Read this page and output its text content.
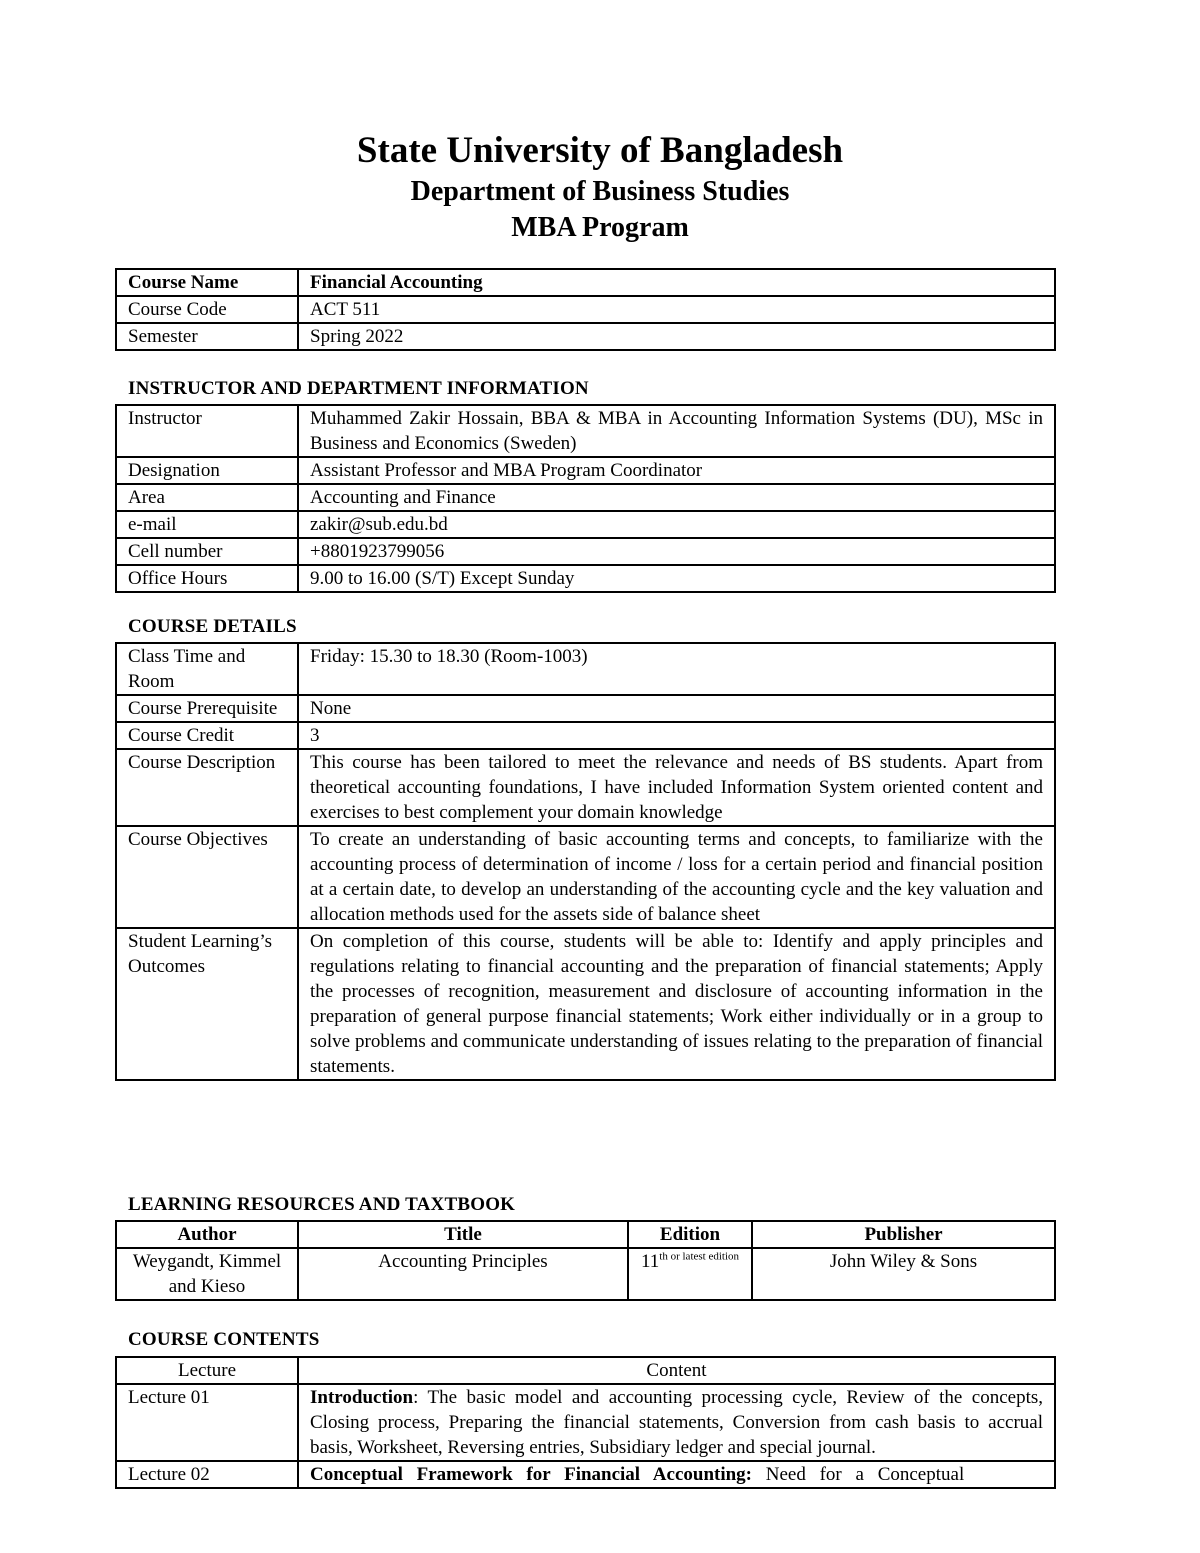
State University of Bangladesh
Department of Business Studies
MBA Program
Course Name	Financial Accounting
Course Code	ACT 511
Semester	Spring 2022
INSTRUCTOR AND DEPARTMENT INFORMATION
Instructor	Muhammed Zakir Hossain, BBA & MBA in Accounting Information Systems (DU), MSc in Business and Economics (Sweden)
Designation	Assistant Professor and MBA Program Coordinator
Area	Accounting and Finance
e-mail	zakir@sub.edu.bd
Cell number	+8801923799056
Office Hours	9.00 to 16.00 (S/T) Except Sunday
COURSE DETAILS
Class Time and Room	Friday: 15.30 to 18.30 (Room-1003)
Course Prerequisite	None
Course Credit	3
Course Description	This course has been tailored to meet the relevance and needs of BS students. Apart from theoretical accounting foundations, I have included Information System oriented content and exercises to best complement your domain knowledge
Course Objectives	To create an understanding of basic accounting terms and concepts, to familiarize with the accounting process of determination of income / loss for a certain period and financial position at a certain date, to develop an understanding of the accounting cycle and the key valuation and allocation methods used for the assets side of balance sheet
Student Learning’s Outcomes	On completion of this course, students will be able to: Identify and apply principles and regulations relating to financial accounting and the preparation of financial statements; Apply the processes of recognition, measurement and disclosure of accounting information in the preparation of general purpose financial statements; Work either individually or in a group to solve problems and communicate understanding of issues relating to the preparation of financial statements.
LEARNING RESOURCES AND TAXTBOOK
Author	Title	Edition	Publisher
Weygandt, Kimmel and Kieso	Accounting Principles	$11^{th or latest edition}$	John Wiley & Sons
COURSE CONTENTS
Lecture	Content
Lecture 01	Introduction: The basic model and accounting processing cycle, Review of the concepts, Closing process, Preparing the financial statements, Conversion from cash basis to accrual basis, Worksheet, Reversing entries, Subsidiary ledger and special journal.
Lecture 02	Conceptual Framework for Financial Accounting: Need for a Conceptual
